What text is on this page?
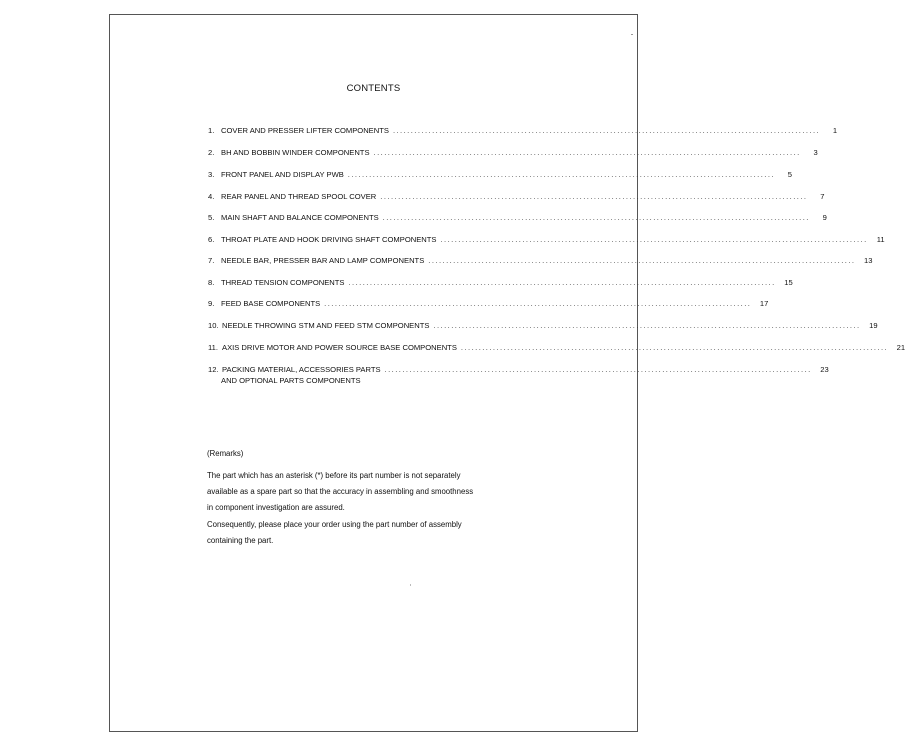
CONTENTS
1. COVER AND PRESSER LIFTER COMPONENTS ........................................................................................................................	1
2. BH AND BOBBIN WINDER COMPONENTS ........................................................................................................................	3
3. FRONT PANEL AND DISPLAY PWB ........................................................................................................................	5
4. REAR PANEL AND THREAD SPOOL COVER ........................................................................................................................	7
5. MAIN SHAFT AND BALANCE COMPONENTS ........................................................................................................................	9
6. THROAT PLATE AND HOOK DRIVING SHAFT COMPONENTS ........................................................................................................................	11
7. NEEDLE BAR, PRESSER BAR AND LAMP COMPONENTS ........................................................................................................................	13
8. THREAD TENSION COMPONENTS ........................................................................................................................	15
9. FEED BASE COMPONENTS ........................................................................................................................	17
10. NEEDLE THROWING STM AND FEED STM COMPONENTS ........................................................................................................................	19
11. AXIS DRIVE MOTOR AND POWER SOURCE BASE COMPONENTS ........................................................................................................................	21
12. PACKING MATERIAL, ACCESSORIES PARTS ........................................................................................................................	23
AND OPTIONAL PARTS COMPONENTS
(Remarks)
The part which has an asterisk (*) before its part number is not separately
available as a spare part so that the accuracy in assembling and smoothness
in component investigation are assured.
Consequently, please place your order using the part number of assembly
containing the part.
